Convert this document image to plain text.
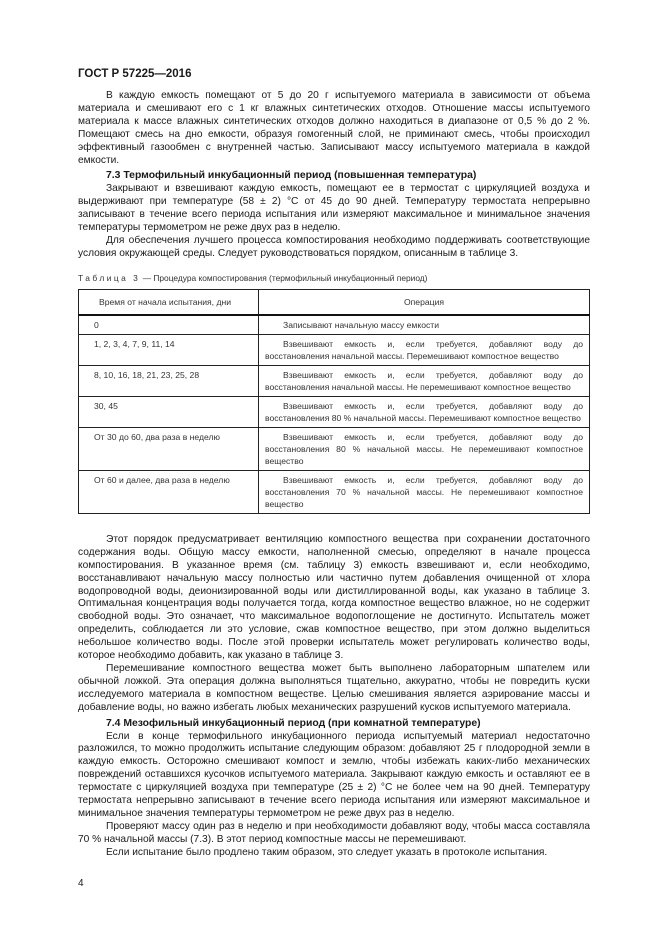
ГОСТ Р 57225—2016

В каждую емкость помещают от 5 до 20 г испытуемого материала в зависимости от объема материала и смешивают его с 1 кг влажных синтетических отходов. Отношение массы испытуемого материала к массе влажных синтетических отходов должно находиться в диапазоне от 0,5 % до 2 %. Помещают смесь на дно емкости, образуя гомогенный слой, не приминают смесь, чтобы происходил эффективный газообмен с внутренней частью. Записывают массу испытуемого материала в каждой емкости.

7.3 Термофильный инкубационный период (повышенная температура)

Закрывают и взвешивают каждую емкость, помещают ее в термостат с циркуляцией воздуха и выдерживают при температуре (58 ± 2) °С от 45 до 90 дней. Температуру термостата непрерывно записывают в течение всего периода испытания или измеряют максимальное и минимальное значения температуры термометром не реже двух раз в неделю.

Для обеспечения лучшего процесса компостирования необходимо поддерживать соответствующие условия окружающей среды. Следует руководствоваться порядком, описанным в таблице 3.

Таблица 3 — Процедура компостирования (термофильный инкубационный период)
Время от начала испытания, дни	Операция
0	Записывают начальную массу емкости
1, 2, 3, 4, 7, 9, 11, 14	Взвешивают емкость и, если требуется, добавляют воду до восстановления начальной массы. Перемешивают компостное вещество
8, 10, 16, 18, 21, 23, 25, 28	Взвешивают емкость и, если требуется, добавляют воду до восстановления начальной массы. Не перемешивают компостное вещество
30, 45	Взвешивают емкость и, если требуется, добавляют воду до восстановления 80 % начальной массы. Перемешивают компостное вещество
От 30 до 60, два раза в неделю	Взвешивают емкость и, если требуется, добавляют воду до восстановления 80 % начальной массы. Не перемешивают компостное вещество
От 60 и далее, два раза в неделю	Взвешивают емкость и, если требуется, добавляют воду до восстановления 70 % начальной массы. Не перемешивают компостное вещество

Этот порядок предусматривает вентиляцию компостного вещества при сохранении достаточного содержания воды. Общую массу емкости, наполненной смесью, определяют в начале процесса компостирования. В указанное время (см. таблицу 3) емкость взвешивают и, если необходимо, восстанавливают начальную массу полностью или частично путем добавления очищенной от хлора водопроводной воды, деионизированной воды или дистиллированной воды, как указано в таблице 3. Оптимальная концентрация воды получается тогда, когда компостное вещество влажное, но не содержит свободной воды. Это означает, что максимальное водопоглощение не достигнуто. Испытатель может определить, соблюдается ли это условие, сжав компостное вещество, при этом должно выделиться небольшое количество воды. После этой проверки испытатель может регулировать количество воды, которое необходимо добавить, как указано в таблице 3.

Перемешивание компостного вещества может быть выполнено лабораторным шпателем или обычной ложкой. Эта операция должна выполняться тщательно, аккуратно, чтобы не повредить куски исследуемого материала в компостном веществе. Целью смешивания является аэрирование массы и добавление воды, но важно избегать любых механических разрушений кусков испытуемого материала.

7.4 Мезофильный инкубационный период (при комнатной температуре)

Если в конце термофильного инкубационного периода испытуемый материал недостаточно разложился, то можно продолжить испытание следующим образом: добавляют 25 г плодородной земли в каждую емкость. Осторожно смешивают компост и землю, чтобы избежать каких-либо механических повреждений оставшихся кусочков испытуемого материала. Закрывают каждую емкость и оставляют ее в термостате с циркуляцией воздуха при температуре (25 ± 2) °С не более чем на 90 дней. Температуру термостата непрерывно записывают в течение всего периода испытания или измеряют максимальное и минимальное значения температуры термометром не реже двух раз в неделю.

Проверяют массу один раз в неделю и при необходимости добавляют воду, чтобы масса составляла 70 % начальной массы (7.3). В этот период компостные массы не перемешивают.

Если испытание было продлено таким образом, это следует указать в протоколе испытания.

4
